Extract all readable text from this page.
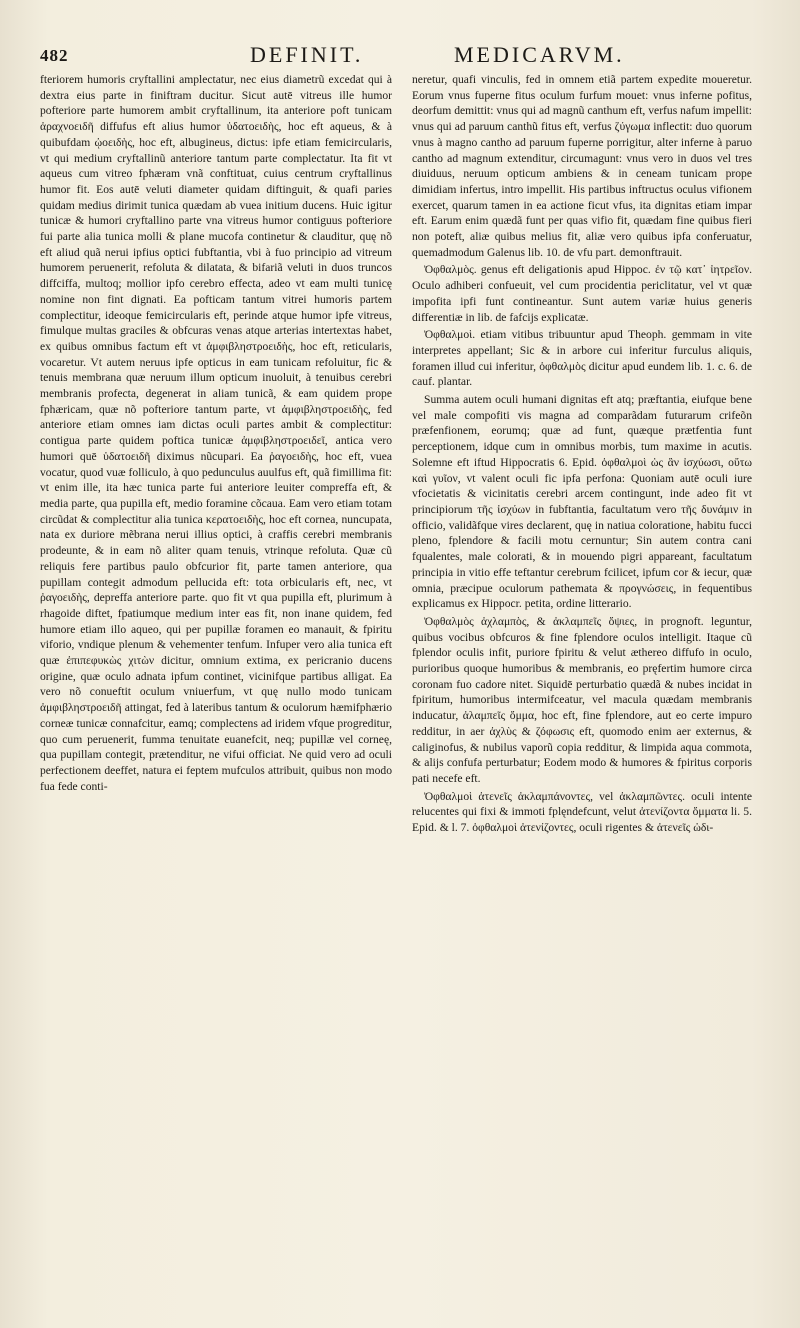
482	DEFINIT.	MEDICARVM.

fteriorem humoris cryftallini amplectatur, nec eius diametrũ excedat qui à dextra eius parte in finiftram ducitur. Sicut autē vitreus ille humor pofteriore parte humorem ambit cryftallinum, ita anteriore poft tunicam ἀραχνοειδῆ diffufus eft alius humor ὑδατοειδὴς, hoc eft aqueus, & à quibufdam ᾠοειδὴς, hoc eft, albugineus, dictus: ipfe etiam femicircularis, vt qui medium cryftallinũ anteriore tantum parte complectatur. Ita fit vt aqueus cum vitreo fphæram vnã conftituat, cuius centrum cryftallinus humor fit. Eos autē veluti diameter quidam diftinguit, & quafi paries quidam medius dirimit tunica quædam ab vuea initium ducens. Huic igitur tunicæ & humori cryftallino parte vna vitreus humor contiguus pofteriore fui parte alia tunica molli & plane mucofa continetur & clauditur, quę nõ eft aliud quã nerui ipfius optici fubftantia, vbi à fuo principio ad vitreum humorem peruenerit, refoluta & dilatata, & bifariã veluti in duos truncos diffciffa, multoq; mollior ipfo cerebro effecta, adeo vt eam multi tunicę nomine non fint dignati. Ea pofticam tantum vitrei humoris partem complectitur, ideoque femicircularis eft, perinde atque humor ipfe vitreus, fimulque multas graciles & obfcuras venas atque arterias intertextas habet, ex quibus omnibus factum eft vt ἀμφιβληστροειδὴς, hoc eft, reticularis, vocaretur. Vt autem neruus ipfe opticus in eam tunicam refoluitur, fic & tenuis membrana quæ neruum illum opticum inuoluit, à tenuibus cerebri membranis profecta, degenerat in aliam tunicã, & eam quidem prope fphæricam, quæ nõ pofteriore tantum parte, vt ἀμφιβληστροειδὴς, fed anteriore etiam omnes iam dictas oculi partes ambit & complectitur: contigua parte quidem poftica tunicæ ἀμφιβληστροειδεῖ, antica vero humori quē ὑδατοειδῆ diximus nũcupari. Ea ῥαγοειδὴς, hoc eft, vuea vocatur, quod vuæ folliculo, à quo pedunculus auulfus eft, quã fimillima fit: vt enim ille, ita hæc tunica parte fui anteriore leuiter compreffa eft, & media parte, qua pupilla eft, medio foramine cõcaua. Eam vero etiam totam circũdat & complectitur alia tunica κερατοειδὴς, hoc eft cornea, nuncupata, nata ex duriore mẽbrana nerui illius optici, à craffis cerebri membranis prodeunte, & in eam nõ aliter quam tenuis, vtrinque refoluta. Quæ cũ reliquis fere partibus paulo obfcurior fit, parte tamen anteriore, qua pupillam contegit admodum pellucida eft: tota orbicularis eft, nec, vt ῥαγοειδὴς, depreffa anteriore parte. quo fit vt qua pupilla eft, plurimum à rhagoide diftet, fpatiumque medium inter eas fit, non inane quidem, fed humore etiam illo aqueo, qui per pupillæ foramen eo manauit, & fpiritu viforio, vndique plenum & vehementer tenfum. Infuper vero alia tunica eft quæ ἐπιπεφυκὼς χιτὼν dicitur, omnium extima, ex pericranio ducens origine, quæ oculo adnata ipfum continet, vicinifque partibus alligat. Ea vero nõ conueftit oculum vniuerfum, vt quę nullo modo tunicam ἀμφιβληστροειδῆ attingat, fed à lateribus tantum & oculorum hæmifphærio corneæ tunicæ connafcitur, eamq; complectens ad iridem vfque progreditur, quo cum peruenerit, fumma tenuitate euanefcit, neq; pupillæ vel corneę, qua pupillam contegit, prætenditur, ne vifui officiat. Ne quid vero ad oculi perfectionem deeffet, natura ei feptem mufculos attribuit, quibus non modo fua fede conti-

neretur, quafi vinculis, fed in omnem etiã partem expedite moueretur. Eorum vnus fuperne fitus oculum furfum mouet: vnus inferne pofitus, deorfum demittit: vnus qui ad magnũ canthum eft, verfus nafum impellit: vnus qui ad paruum canthũ fitus eft, verfus ζύγωμα inflectit: duo quorum vnus à magno cantho ad paruum fuperne porrigitur, alter inferne à paruo cantho ad magnum extenditur, circumagunt: vnus vero in duos vel tres diuiduus, neruum opticum ambiens & in ceneam tunicam prope dimidiam infertus, intro impellit. His partibus inftructus oculus vifionem exercet, quarum tamen in ea actione ficut vfus, ita dignitas etiam impar eft. Earum enim quædã funt per quas vifio fit, quædam fine quibus fieri non poteft, aliæ quibus melius fit, aliæ vero quibus ipfa conferuatur, quemadmodum Galenus lib. 10. de vfu part. demonftrauit.

Ὀφθαλμὸς. genus eft deligationis apud Hippoc. ἐν τῷ κατ᾿ ἰητρεῖον. Oculo adhiberi confueuit, vel cum procidentia periclitatur, vel vt quæ impofita ipfi funt contineantur. Sunt autem variæ huius generis differentiæ in lib. de fafcijs explicatæ.

Ὀφθαλμοὶ. etiam vitibus tribuuntur apud Theoph. gemmam in vite interpretes appellant; Sic & in arbore cui inferitur furculus aliquis, foramen illud cui inferitur, ὀφθαλμὸς dicitur apud eundem lib. 1. c. 6. de cauf. plantar.

Summa autem oculi humani dignitas eft atq; præftantia, eiufque bene vel male compofiti vis magna ad comparãdam futurarum crifeõn præfenfionem, eorumq; quæ ad funt, quæque prætfentia funt perceptionem, idque cum in omnibus morbis, tum maxime in acutis. Solemne eft iftud Hippocratis 6. Epid. ὀφθαλμοὶ ὡς ἂν ἰσχύωσι, οὕτω καὶ γυῖον, vt valent oculi fic ipfa perfona: Quoniam autē oculi iure vfocietatis & vicinitatis cerebri arcem contingunt, inde adeo fit vt principiorum τῆς ἰσχύων in fubftantia, facultatum vero τῆς δυνάμιν in officio, validãfque vires declarent, quę in natiua coloratione, habitu fucci pleno, fplendore & facili motu cernuntur; Sin autem contra cani fqualentes, male colorati, & in mouendo pigri appareant, facultatum principia in vitio effe teftantur cerebrum fcilicet, ipfum cor & iecur, quæ omnia, præcipue oculorum pathemata & προγνώσεις, in fequentibus explicamus ex Hippocr. petita, ordine litterario.

Ὀφθαλμὸς ἀχλαμπὸς, & ἀκλαμπεῖς ὄψιες, in prognoft. leguntur, quibus vocibus obfcuros & fine fplendore oculos intelligit. Itaque cũ fplendor oculis infit, puriore fpiritu & velut æthereo diffufo in oculo, purioribus quoque humoribus & membranis, eo pręfertim humore circa coronam fuo cadore nitet. Siquidē perturbatio quædã & nubes incidat in fpiritum, humoribus intermifceatur, vel macula quædam membranis inducatur, ἀλαμπεῖς ὄμμα, hoc eft, fine fplendore, aut eo certe impuro redditur, in aer ἀχλὺς & ζόφωσις eft, quomodo enim aer externus, & caliginofus, & nubilus vaporũ copia redditur, & limpida aqua commota, & alijs confufa perturbatur; Eodem modo & humores & fpiritus corporis pati necefe eft.

Ὀφθαλμοὶ ἀτενεῖς ἀκλαμπάνοντες, vel ἀκλαμπῶντες. oculi intente relucentes qui fixi & immoti fplęndefcunt, velut ἀτενίζοντα ὄμματα li. 5. Epid. & l. 7. ὀφθαλμοὶ ἀτενίζοντες, oculi rigentes & ἀτενεῖς ὠδι-
